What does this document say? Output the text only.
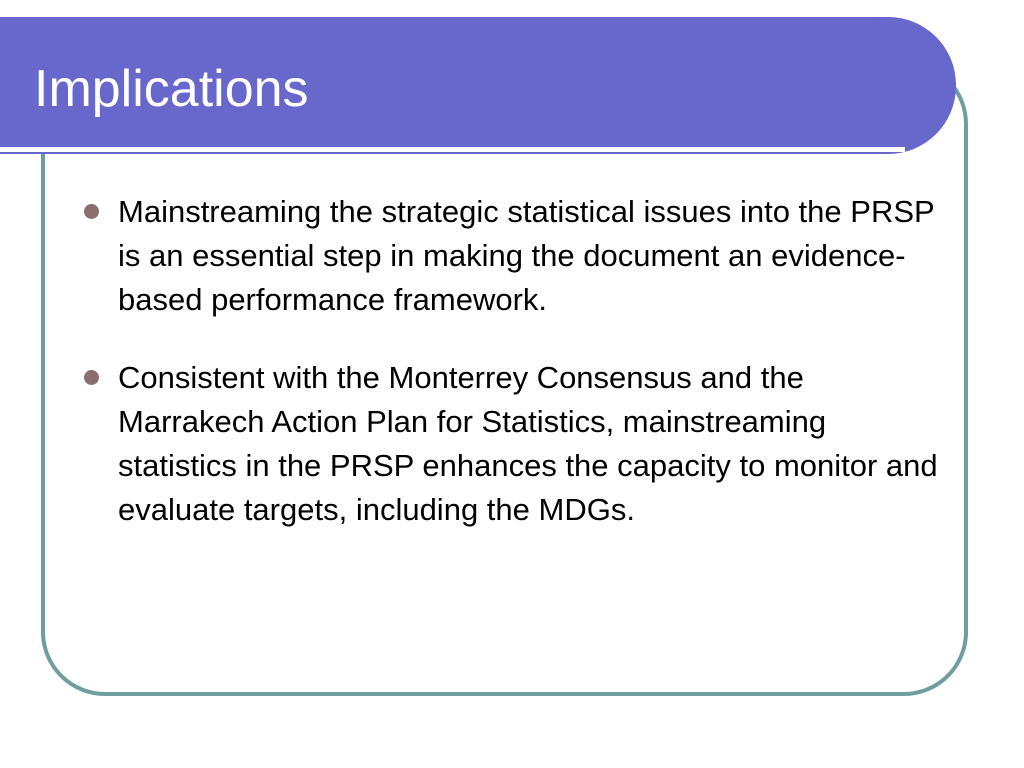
Implications
Mainstreaming the strategic statistical issues into the PRSP is an essential step in making the document an evidence-based performance framework.
Consistent with the Monterrey Consensus and the Marrakech Action Plan for Statistics, mainstreaming statistics in the PRSP enhances the capacity to monitor and evaluate targets, including the MDGs.
